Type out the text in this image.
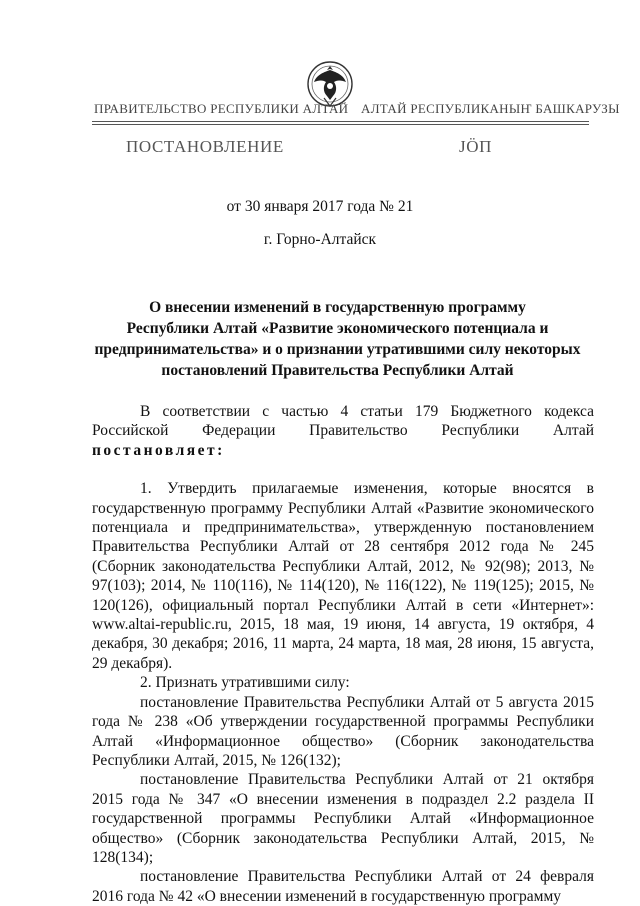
ПРАВИТЕЛЬСТВО РЕСПУБЛИКИ АЛТАЙ АЛТАЙ РЕСПУБЛИКАНЫҤ БАШКАРУЗЫ
ПОСТАНОВЛЕНИЕ	ЈӦП
от 30 января 2017 года № 21
г. Горно-Алтайск
О внесении изменений в государственную программу
Республики Алтай «Развитие экономического потенциала и
предпринимательства» и о признании утратившими силу некоторых
постановлений Правительства Республики Алтай

В соответствии с частью 4 статьи 179 Бюджетного кодекса Российской Федерации Правительство Республики Алтай постановляет:

1. Утвердить прилагаемые изменения, которые вносятся в государственную программу Республики Алтай «Развитие экономического потенциала и предпринимательства», утвержденную постановлением Правительства Республики Алтай от 28 сентября 2012 года № 245 (Сборник законодательства Республики Алтай, 2012, № 92(98); 2013, № 97(103); 2014, № 110(116), № 114(120), № 116(122), № 119(125); 2015, № 120(126), официальный портал Республики Алтай в сети «Интернет»: www.altai-republic.ru, 2015, 18 мая, 19 июня, 14 августа, 19 октября, 4 декабря, 30 декабря; 2016, 11 марта, 24 марта, 18 мая, 28 июня, 15 августа, 29 декабря).

2. Признать утратившими силу:

постановление Правительства Республики Алтай от 5 августа 2015 года № 238 «Об утверждении государственной программы Республики Алтай «Информационное общество» (Сборник законодательства Республики Алтай, 2015, № 126(132);

постановление Правительства Республики Алтай от 21 октября 2015 года № 347 «О внесении изменения в подраздел 2.2 раздела II государственной программы Республики Алтай «Информационное общество» (Сборник законодательства Республики Алтай, 2015, № 128(134);

постановление Правительства Республики Алтай от 24 февраля 2016 года № 42 «О внесении изменений в государственную программу
